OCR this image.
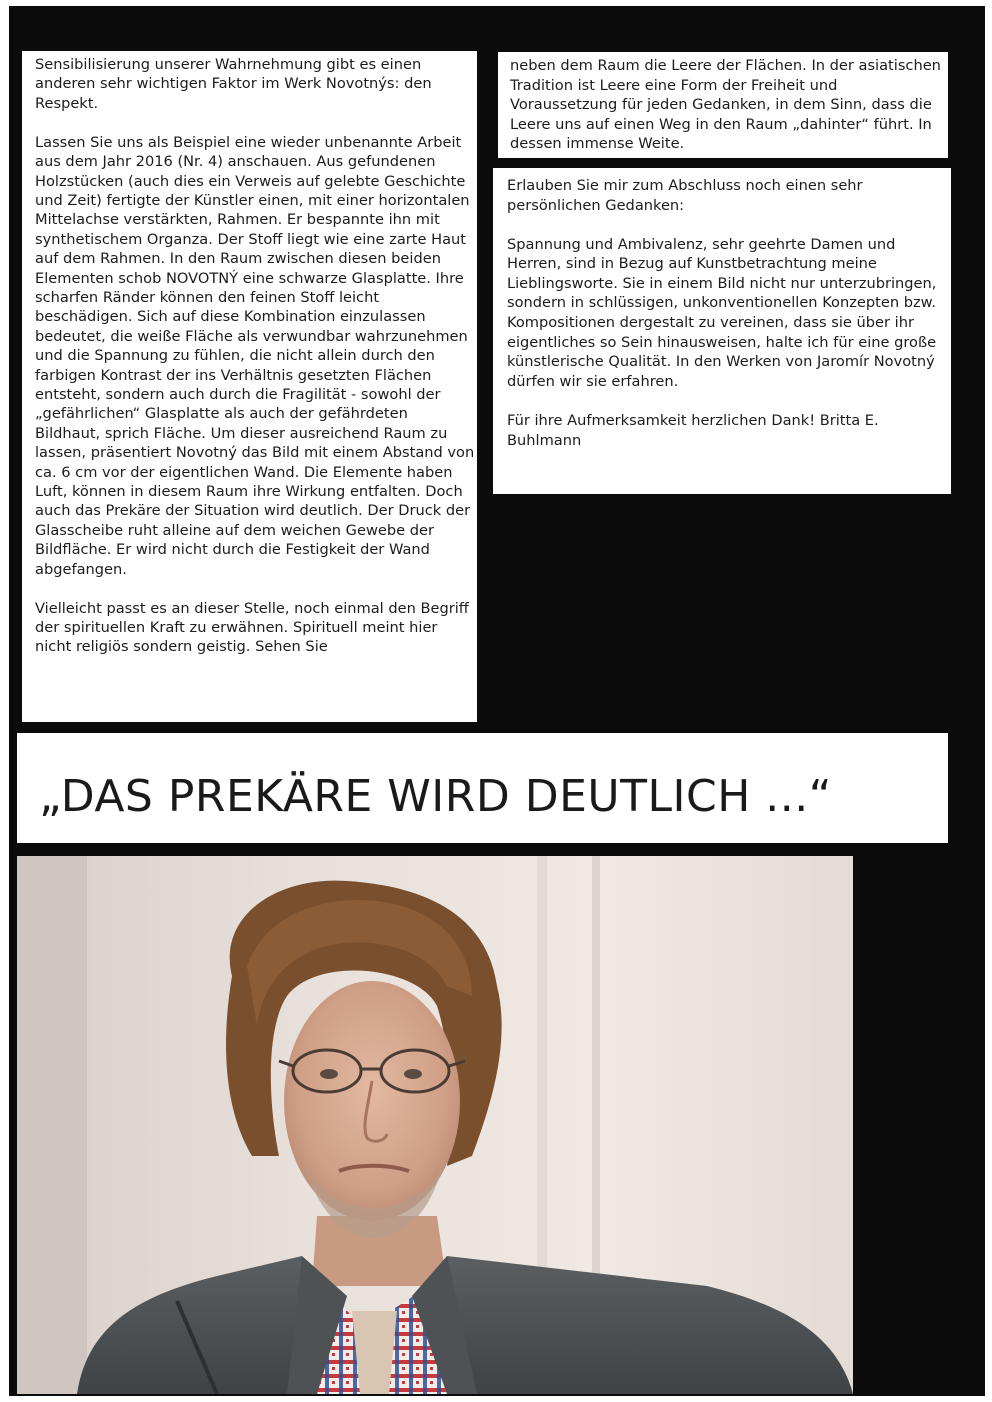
Sensibilisierung unserer Wahrnehmung gibt es einen anderen sehr wichtigen Faktor im Werk Novotnýs: den Respekt.

Lassen Sie uns als Beispiel eine wieder unbenannte Arbeit aus dem Jahr 2016 (Nr. 4) anschauen. Aus gefundenen Holzstücken (auch dies ein Verweis auf gelebte Geschichte und Zeit) fertigte der Künstler einen, mit einer horizontalen Mittelachse verstärkten, Rahmen. Er bespannte ihn mit synthetischem Organza. Der Stoff liegt wie eine zarte Haut auf dem Rahmen. In den Raum zwischen diesen beiden Elementen schob NOVOTNÝ eine schwarze Glasplatte. Ihre scharfen Ränder können den feinen Stoff leicht beschädigen. Sich auf diese Kombination einzulassen bedeutet, die weiße Fläche als verwundbar wahrzunehmen und die Spannung zu fühlen, die nicht allein durch den farbigen Kontrast der ins Verhältnis gesetzten Flächen entsteht, sondern auch durch die Fragilität - sowohl der „gefährlichen“ Glasplatte als auch der gefährdeten Bildhaut, sprich Fläche. Um dieser ausreichend Raum zu lassen, präsentiert Novotný das Bild mit einem Abstand von ca. 6 cm vor der eigentlichen Wand. Die Elemente haben Luft, können in diesem Raum ihre Wirkung entfalten. Doch auch das Prekäre der Situation wird deutlich. Der Druck der Glasscheibe ruht alleine auf dem weichen Gewebe der Bildfläche. Er wird nicht durch die Festigkeit der Wand abgefangen.

Vielleicht passt es an dieser Stelle, noch einmal den Begriff der spirituellen Kraft zu erwähnen. Spirituell meint hier nicht religiös sondern geistig. Sehen Sie

neben dem Raum die Leere der Flächen. In der asiatischen Tradition ist Leere eine Form der Freiheit und Voraussetzung für jeden Gedanken, in dem Sinn, dass die Leere uns auf einen Weg in den Raum „dahinter“ führt. In dessen immense Weite.

Erlauben Sie mir zum Abschluss noch einen sehr persönlichen Gedanken:

Spannung und Ambivalenz, sehr geehrte Damen und Herren, sind in Bezug auf Kunstbetrachtung meine Lieblingsworte. Sie in einem Bild nicht nur unterzubringen, sondern in schlüssigen, unkonventionellen Konzepten bzw. Kompositionen dergestalt zu vereinen, dass sie über ihr eigentliches so Sein hinausweisen, halte ich für eine große künstlerische Qualität. In den Werken von Jaromír Novotný dürfen wir sie erfahren.

Für ihre Aufmerksamkeit herzlichen Dank! Britta E. Buhlmann

„DAS PREKÄRE WIRD DEUTLICH ...“
